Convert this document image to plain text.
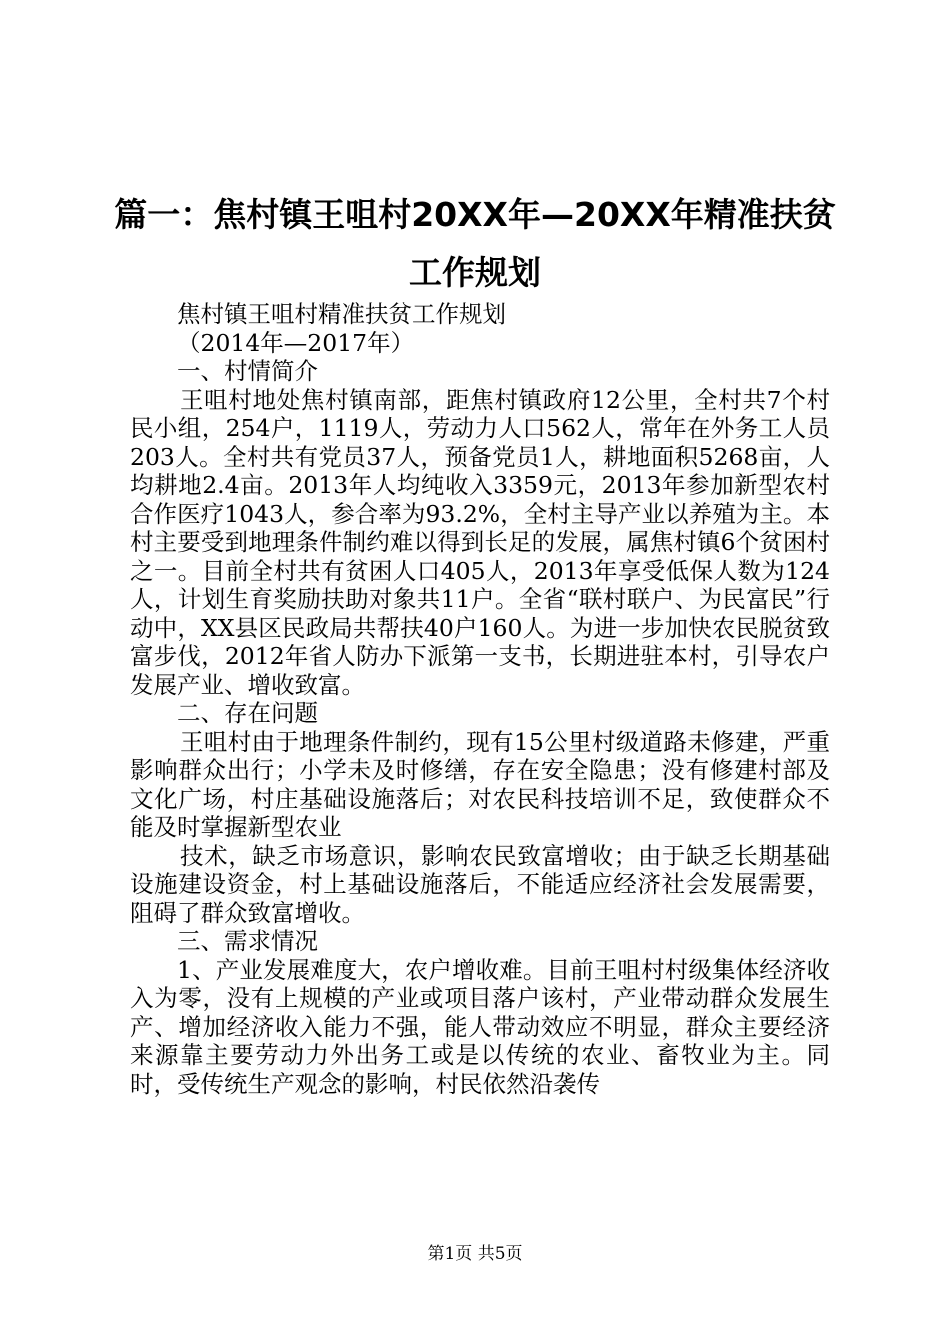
篇一：焦村镇王咀村20XX年—20XX年精准扶贫工作规划

焦村镇王咀村精准扶贫工作规划

（2014年—2017年）

一、村情简介

王咀村地处焦村镇南部，距焦村镇政府12公里，全村共7个村民小组，254户，1119人，劳动力人口562人，常年在外务工人员203人。全村共有党员37人，预备党员1人，耕地面积5268亩，人均耕地2.4亩。2013年人均纯收入3359元，2013年参加新型农村合作医疗1043人，参合率为93.2%，全村主导产业以养殖为主。本村主要受到地理条件制约难以得到长足的发展，属焦村镇6个贫困村之一。目前全村共有贫困人口405人，2013年享受低保人数为124人，计划生育奖励扶助对象共11户。全省“联村联户、为民富民”行动中，XX县区民政局共帮扶40户160人。为进一步加快农民脱贫致富步伐，2012年省人防办下派第一支书，长期进驻本村，引导农户发展产业、增收致富。

二、存在问题

王咀村由于地理条件制约，现有15公里村级道路未修建，严重影响群众出行；小学未及时修缮，存在安全隐患；没有修建村部及文化广场，村庄基础设施落后；对农民科技培训不足，致使群众不能及时掌握新型农业

技术，缺乏市场意识，影响农民致富增收；由于缺乏长期基础设施建设资金，村上基础设施落后，不能适应经济社会发展需要，阻碍了群众致富增收。

三、需求情况

1、产业发展难度大，农户增收难。目前王咀村村级集体经济收入为零，没有上规模的产业或项目落户该村，产业带动群众发展生产、增加经济收入能力不强，能人带动效应不明显，群众主要经济来源靠主要劳动力外出务工或是以传统的农业、畜牧业为主。同时，受传统生产观念的影响，村民依然沿袭传

第1页 共5页
